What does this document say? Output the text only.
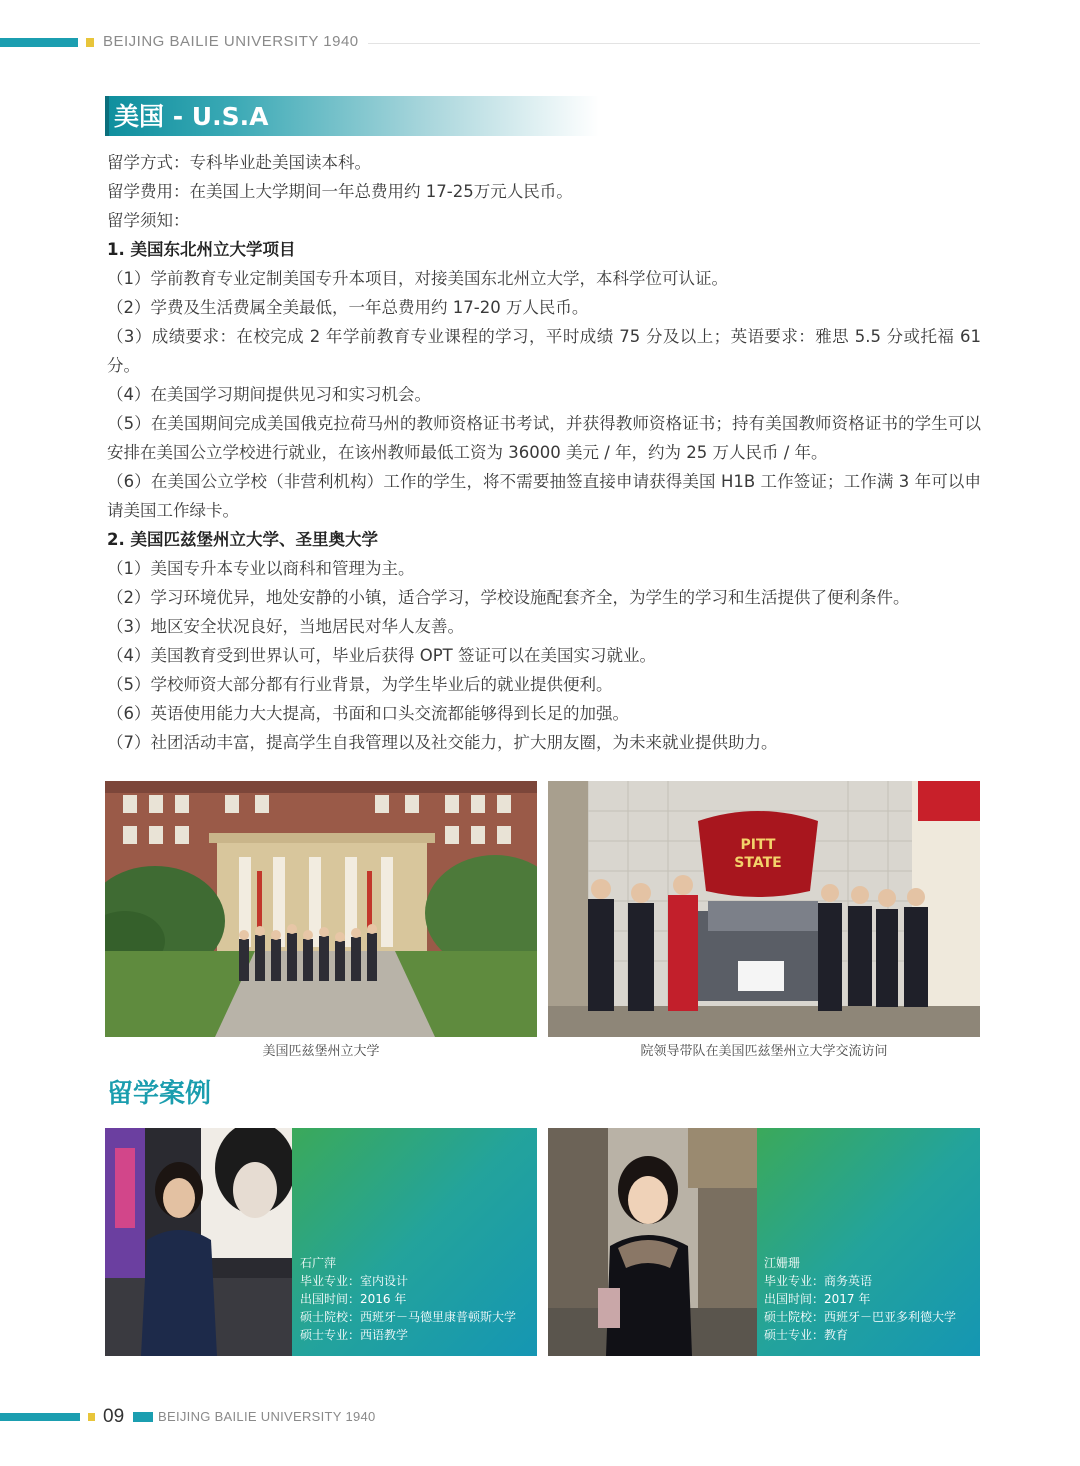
BEIJING BAILIE UNIVERSITY 1940
美国 - U.S.A

留学方式：专科毕业赴美国读本科。

留学费用：在美国上大学期间一年总费用约 17-25万元人民币。

留学须知：

1. 美国东北州立大学项目

（1）学前教育专业定制美国专升本项目，对接美国东北州立大学，本科学位可认证。

（2）学费及生活费属全美最低，一年总费用约 17-20 万人民币。

（3）成绩要求：在校完成 2 年学前教育专业课程的学习，平时成绩 75 分及以上；英语要求：雅思 5.5 分或托福 61 分。

（4）在美国学习期间提供见习和实习机会。

（5）在美国期间完成美国俄克拉荷马州的教师资格证书考试，并获得教师资格证书；持有美国教师资格证书的学生可以安排在美国公立学校进行就业，在该州教师最低工资为 36000 美元 / 年，约为 25 万人民币 / 年。

（6）在美国公立学校（非营利机构）工作的学生，将不需要抽签直接申请获得美国 H1B 工作签证；工作满 3 年可以申请美国工作绿卡。

2. 美国匹兹堡州立大学、圣里奥大学

（1）美国专升本专业以商科和管理为主。

（2）学习环境优异，地处安静的小镇，适合学习，学校设施配套齐全，为学生的学习和生活提供了便利条件。

（3）地区安全状况良好，当地居民对华人友善。

（4）美国教育受到世界认可，毕业后获得 OPT 签证可以在美国实习就业。

（5）学校师资大部分都有行业背景，为学生毕业后的就业提供便利。

（6）英语使用能力大大提高，书面和口头交流都能够得到长足的加强。

（7）社团活动丰富，提高学生自我管理以及社交能力，扩大朋友圈，为未来就业提供助力。

美国匹兹堡州立大学
PITT
STATE
院领导带队在美国匹兹堡州立大学交流访问
留学案例
石广萍
毕业专业：室内设计
出国时间：2016 年
硕士院校：西班牙－马德里康普顿斯大学
硕士专业：西语教学
江姗珊
毕业专业：商务英语
出国时间：2017 年
硕士院校：西班牙－巴亚多利德大学
硕士专业：教育
09	BEIJING BAILIE UNIVERSITY 1940
